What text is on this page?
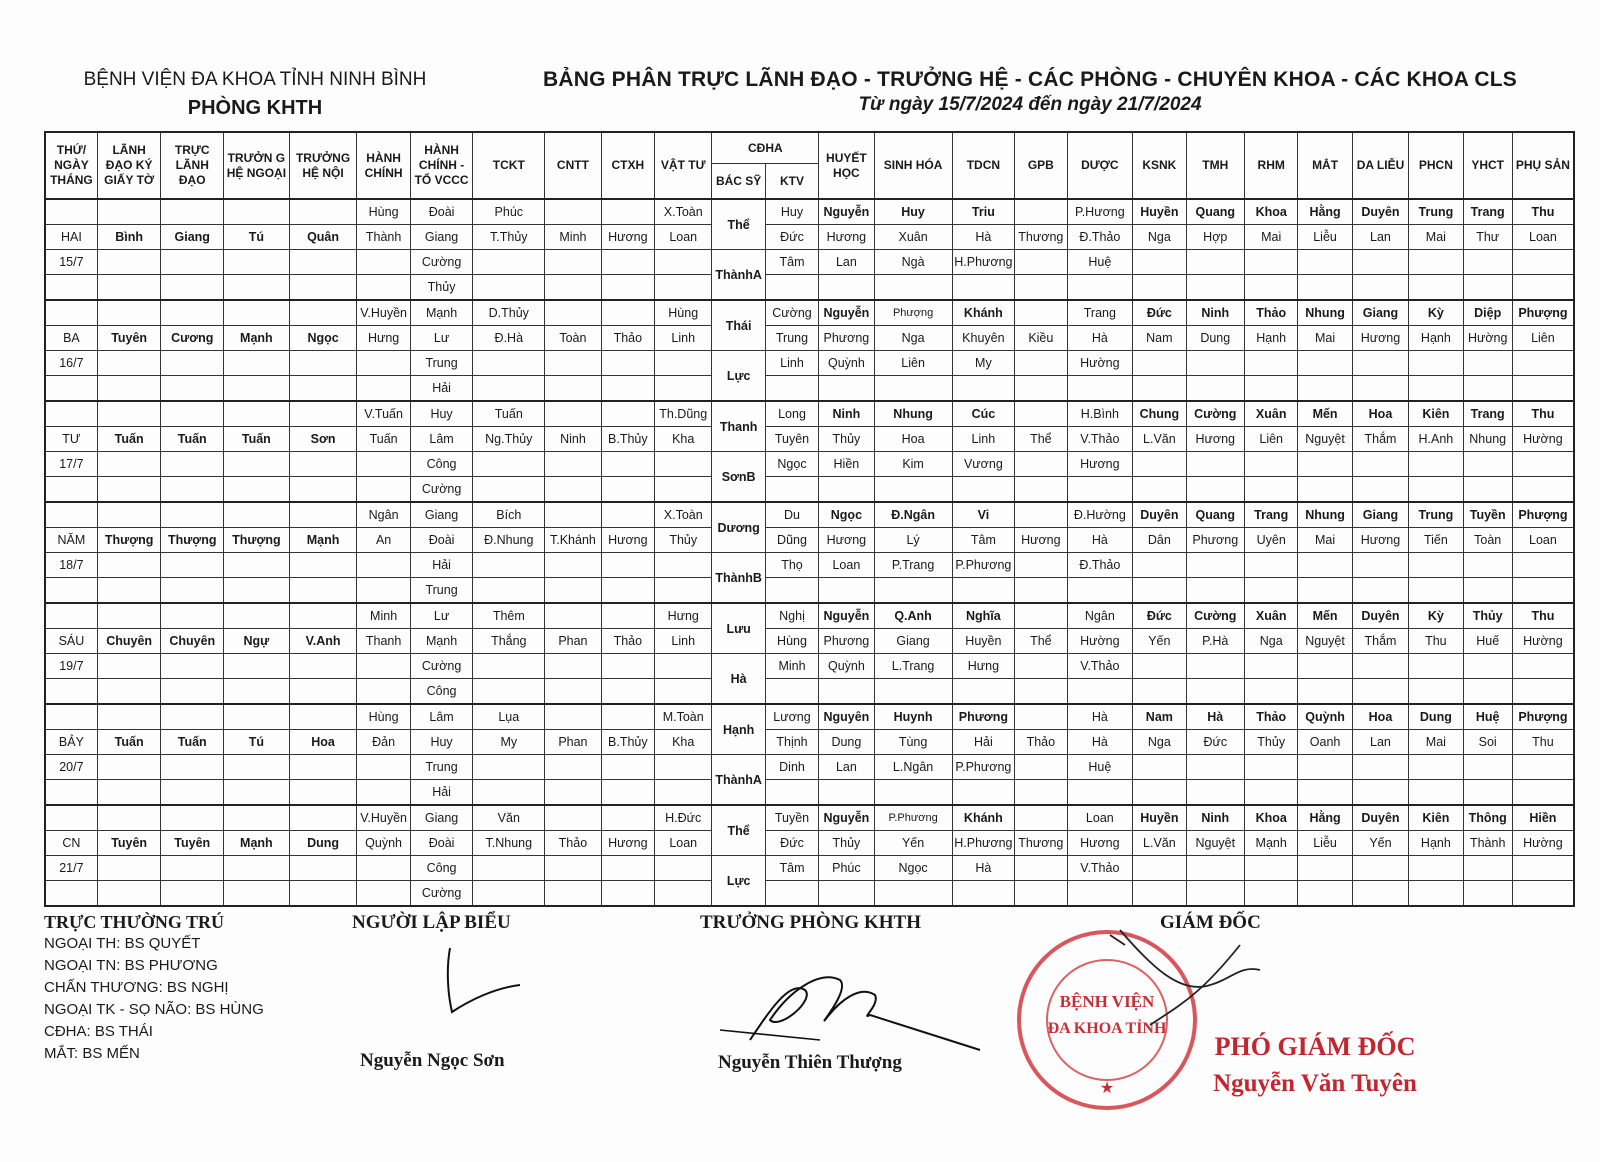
BỆNH VIỆN ĐA KHOA TỈNH NINH BÌNH
PHÒNG KHTH
BẢNG PHÂN TRỰC LÃNH ĐẠO - TRƯỞNG HỆ - CÁC PHÒNG - CHUYÊN KHOA - CÁC KHOA CLS
Từ ngày 15/7/2024 đến ngày 21/7/2024
THỨ/ NGÀY THÁNG	LÃNH ĐẠO KÝ GIẤY TỜ	TRỰC LÃNH ĐẠO	TRƯỞN G HỆ NGOẠI	TRƯỞNG HỆ NỘI	HÀNH CHÍNH	HÀNH CHÍNH - TỔ VCCC	TCKT	CNTT	CTXH	VẬT TƯ	CĐHA		HUYẾT HỌC	SINH HÓA	TDCN	GPB	DƯỢC	KSNK	TMH	RHM	MẮT	DA LIỄU	PHCN	YHCT	PHỤ SẢN
											BÁC SỸ	KTV													
					Hùng	Đoài	Phúc			X.Toàn	Thể	Huy	Nguyễn	Huy	Triu		P.Hương	Huyền	Quang	Khoa	Hằng	Duyên	Trung	Trang	Thu
HAI	Bình	Giang	Tú	Quân	Thành	Giang	T.Thủy	Minh	Hương	Loan		Đức	Hương	Xuân	Hà	Thương	Đ.Thảo	Nga	Hợp	Mai	Liễu	Lan	Mai	Thư	Loan
15/7						Cường					ThànhA	Tâm	Lan	Ngà	H.Phương		Huệ								
						Thủy																			
					V.Huyền	Mạnh	D.Thủy			Hùng	Thái	Cường	Nguyễn	Phượng	Khánh		Trang	Đức	Ninh	Thảo	Nhung	Giang	Kỳ	Diệp	Phượng
BA	Tuyên	Cương	Mạnh	Ngọc	Hưng	Lư	Đ.Hà	Toàn	Thảo	Linh		Trung	Phương	Nga	Khuyên	Kiều	Hà	Nam	Dung	Hạnh	Mai	Hương	Hạnh	Hường	Liên
16/7						Trung					Lực	Linh	Quỳnh	Liên	My		Hường								
						Hải																			
					V.Tuấn	Huy	Tuấn			Th.Dũng	Thanh	Long	Ninh	Nhung	Cúc		H.Bình	Chung	Cường	Xuân	Mến	Hoa	Kiên	Trang	Thu
TƯ	Tuấn	Tuấn	Tuấn	Sơn	Tuấn	Lâm	Ng.Thủy	Ninh	B.Thủy	Kha		Tuyên	Thủy	Hoa	Linh	Thể	V.Thảo	L.Văn	Hương	Liên	Nguyệt	Thắm	H.Anh	Nhung	Hường
17/7						Công					SơnB	Ngọc	Hiền	Kim	Vương		Hương								
						Cường																			
					Ngân	Giang	Bích			X.Toàn	Dương	Du	Ngọc	Đ.Ngân	Vi		Đ.Hường	Duyên	Quang	Trang	Nhung	Giang	Trung	Tuyền	Phượng
NĂM	Thượng	Thượng	Thượng	Mạnh	An	Đoài	Đ.Nhung	T.Khánh	Hương	Thủy		Dũng	Hương	Lý	Tâm	Hương	Hà	Dân	Phương	Uyên	Mai	Hương	Tiến	Toàn	Loan
18/7						Hải					ThànhB	Thọ	Loan	P.Trang	P.Phương		Đ.Thảo								
						Trung																			
					Minh	Lư	Thêm			Hưng	Lưu	Nghị	Nguyễn	Q.Anh	Nghĩa		Ngân	Đức	Cường	Xuân	Mến	Duyên	Kỳ	Thủy	Thu
SÁU	Chuyên	Chuyên	Ngự	V.Anh	Thanh	Mạnh	Thắng	Phan	Thảo	Linh		Hùng	Phương	Giang	Huyền	Thể	Hường	Yến	P.Hà	Nga	Nguyệt	Thắm	Thu	Huế	Hường
19/7						Cường					Hà	Minh	Quỳnh	L.Trang	Hưng		V.Thảo								
						Công																			
					Hùng	Lâm	Lụa			M.Toàn	Hạnh	Lương	Nguyên	Huynh	Phương		Hà	Nam	Hà	Thảo	Quỳnh	Hoa	Dung	Huệ	Phượng
BẢY	Tuấn	Tuấn	Tú	Hoa	Đản	Huy	My	Phan	B.Thủy	Kha		Thịnh	Dung	Tùng	Hải	Thảo	Hà	Nga	Đức	Thủy	Oanh	Lan	Mai	Soi	Thu
20/7						Trung					ThànhA	Dinh	Lan	L.Ngân	P.Phương		Huệ								
						Hải																			
					V.Huyền	Giang	Văn			H.Đức	Thể	Tuyền	Nguyễn	P.Phương	Khánh		Loan	Huyền	Ninh	Khoa	Hằng	Duyên	Kiên	Thông	Hiền
CN	Tuyên	Tuyên	Mạnh	Dung	Quỳnh	Đoài	T.Nhung	Thảo	Hương	Loan		Đức	Thủy	Yến	H.Phương	Thương	Hương	L.Văn	Nguyệt	Mạnh	Liễu	Yến	Hạnh	Thành	Hường
21/7						Công					Lực	Tâm	Phúc	Ngọc	Hà		V.Thảo								
						Cường																			
TRỰC THƯỜNG TRÚ
NGOẠI TH: BS QUYẾT
NGOẠI TN: BS PHƯƠNG
CHẤN THƯƠNG: BS NGHỊ
NGOẠI TK - SỌ NÃO: BS HÙNG
CĐHA: BS THÁI
MẮT: BS MẾN
NGƯỜI LẬP BIỂU
Nguyễn Ngọc Sơn
TRƯỞNG PHÒNG KHTH
Nguyễn Thiên Thượng
GIÁM ĐỐC
BỆNH VIỆN
ĐA KHOA TỈNH
★
PHÓ GIÁM ĐỐC
Nguyễn Văn Tuyên
